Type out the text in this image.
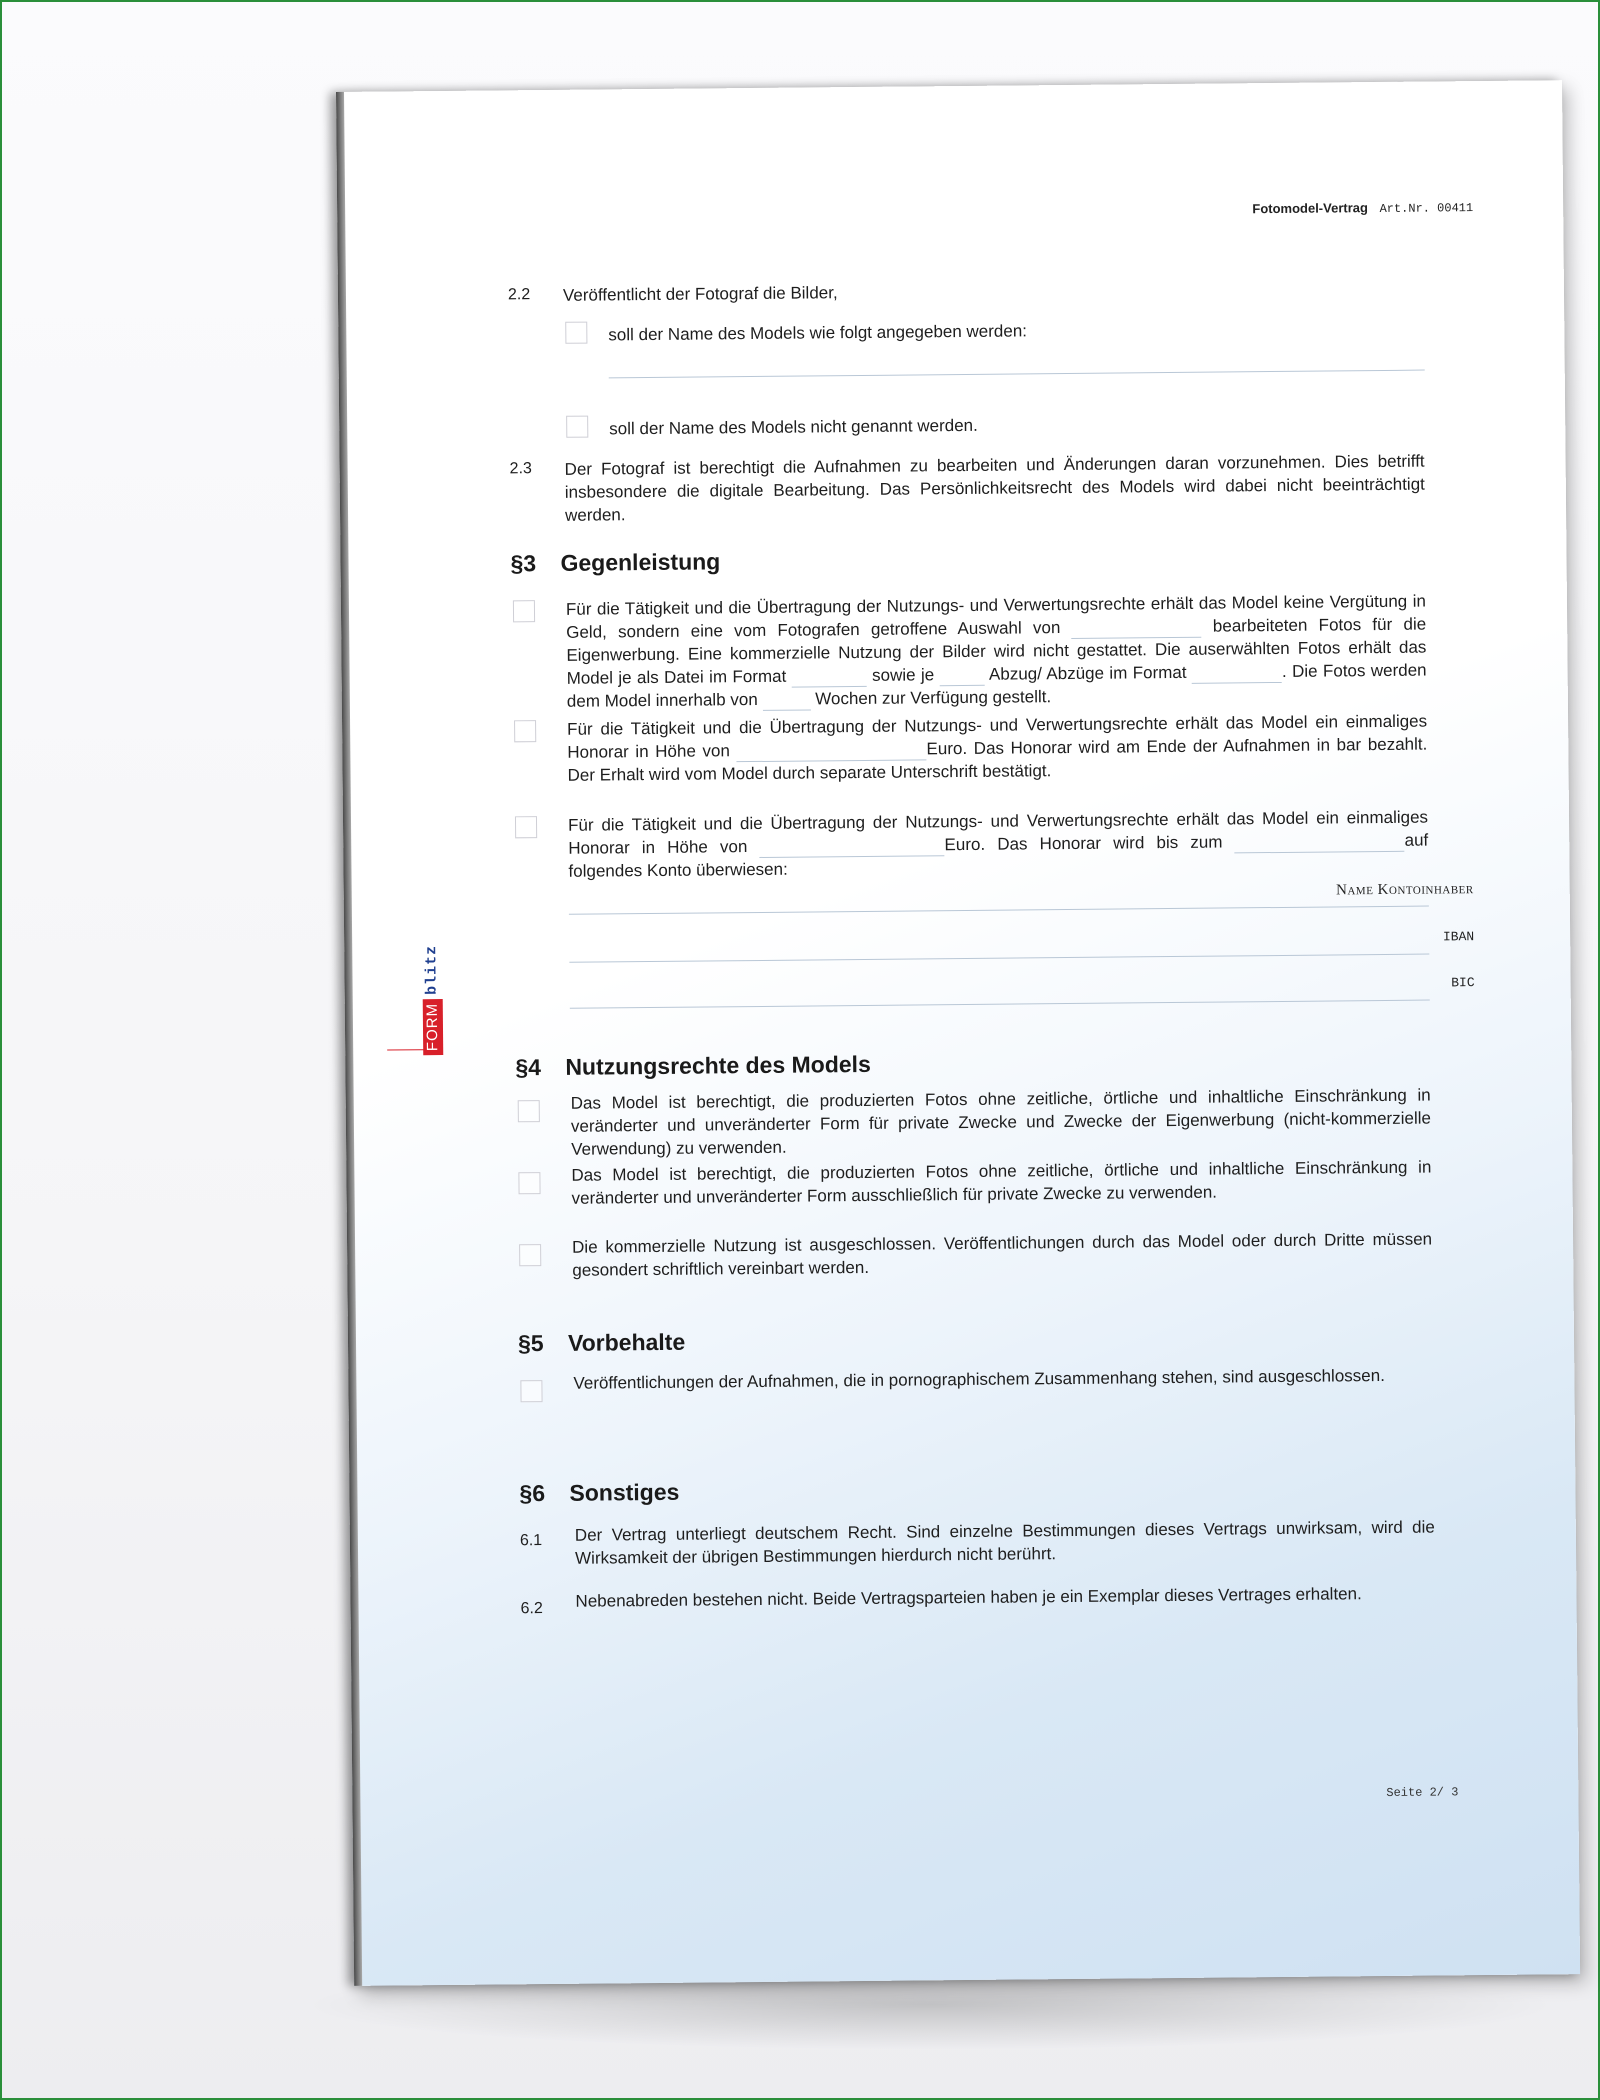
Fotomodel-Vertrag Art.Nr. 00411
2.2 Veröffentlicht der Fotograf die Bilder,
soll der Name des Models wie folgt angegeben werden:
soll der Name des Models nicht genannt werden.
2.3 Der Fotograf ist berechtigt die Aufnahmen zu bearbeiten und Änderungen daran vorzunehmen. Dies betrifft insbesondere die digitale Bearbeitung. Das Persönlichkeitsrecht des Models wird dabei nicht beeinträchtigt werden.
§3 Gegenleistung
Für die Tätigkeit und die Übertragung der Nutzungs- und Verwertungsrechte erhält das Model keine Vergütung in Geld, sondern eine vom Fotografen getroffene Auswahl von	bearbeiteten Fotos für die Eigenwerbung. Eine kommerzielle Nutzung der Bilder wird nicht gestattet. Die auserwählten Fotos erhält das Model je als Datei im Format	sowie je	Abzug/ Abzüge im Format	. Die Fotos werden dem Model innerhalb von	Wochen zur Verfügung gestellt.
Für die Tätigkeit und die Übertragung der Nutzungs- und Verwertungsrechte erhält das Model ein einmaliges Honorar in Höhe von	Euro. Das Honorar wird am Ende der Aufnahmen in bar bezahlt. Der Erhalt wird vom Model durch separate Unterschrift bestätigt.
Für die Tätigkeit und die Übertragung der Nutzungs- und Verwertungsrechte erhält das Model ein einmaliges Honorar in Höhe von	Euro. Das Honorar wird bis zum	auf folgendes Konto überwiesen:
Name Kontoinhaber
IBAN
BIC
§4 Nutzungsrechte des Models
Das Model ist berechtigt, die produzierten Fotos ohne zeitliche, örtliche und inhaltliche Einschränkung in veränderter und unveränderter Form für private Zwecke und Zwecke der Eigenwerbung (nicht-kommerzielle Verwendung) zu verwenden.
Das Model ist berechtigt, die produzierten Fotos ohne zeitliche, örtliche und inhaltliche Einschränkung in veränderter und unveränderter Form ausschließlich für private Zwecke zu verwenden.
Die kommerzielle Nutzung ist ausgeschlossen. Veröffentlichungen durch das Model oder durch Dritte müssen gesondert schriftlich vereinbart werden.
§5 Vorbehalte
Veröffentlichungen der Aufnahmen, die in pornographischem Zusammenhang stehen, sind ausgeschlossen.
§6 Sonstiges
6.1 Der Vertrag unterliegt deutschem Recht. Sind einzelne Bestimmungen dieses Vertrags unwirksam, wird die Wirksamkeit der übrigen Bestimmungen hierdurch nicht berührt.
6.2 Nebenabreden bestehen nicht. Beide Vertragsparteien haben je ein Exemplar dieses Vertrages erhalten.
Seite 2/ 3
FORM
blitz
